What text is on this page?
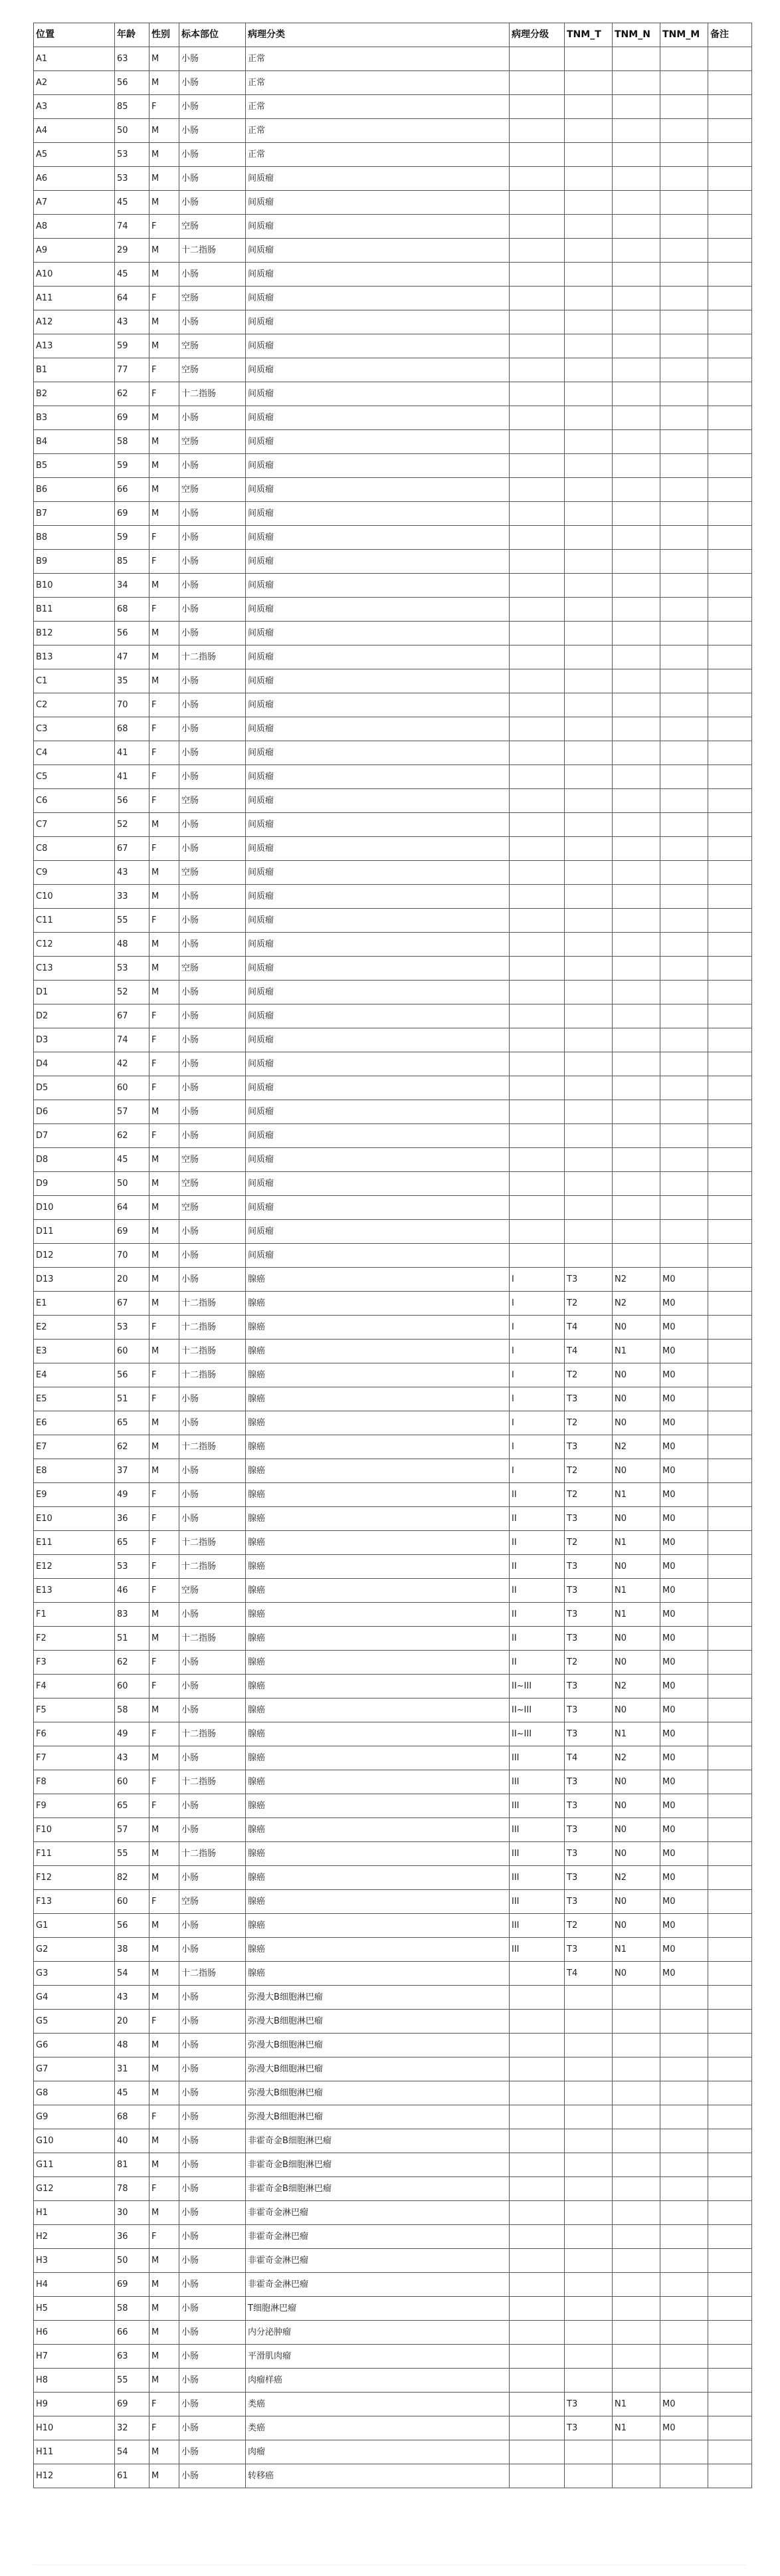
位置	年龄	性别	标本部位	病理分类	病理分级	TNM_T	TNM_N	TNM_M	备注
A1	63	M	小肠	正常					
A2	56	M	小肠	正常					
A3	85	F	小肠	正常					
A4	50	M	小肠	正常					
A5	53	M	小肠	正常					
A6	53	M	小肠	间质瘤					
A7	45	M	小肠	间质瘤					
A8	74	F	空肠	间质瘤					
A9	29	M	十二指肠	间质瘤					
A10	45	M	小肠	间质瘤					
A11	64	F	空肠	间质瘤					
A12	43	M	小肠	间质瘤					
A13	59	M	空肠	间质瘤					
B1	77	F	空肠	间质瘤					
B2	62	F	十二指肠	间质瘤					
B3	69	M	小肠	间质瘤					
B4	58	M	空肠	间质瘤					
B5	59	M	小肠	间质瘤					
B6	66	M	空肠	间质瘤					
B7	69	M	小肠	间质瘤					
B8	59	F	小肠	间质瘤					
B9	85	F	小肠	间质瘤					
B10	34	M	小肠	间质瘤					
B11	68	F	小肠	间质瘤					
B12	56	M	小肠	间质瘤					
B13	47	M	十二指肠	间质瘤					
C1	35	M	小肠	间质瘤					
C2	70	F	小肠	间质瘤					
C3	68	F	小肠	间质瘤					
C4	41	F	小肠	间质瘤					
C5	41	F	小肠	间质瘤					
C6	56	F	空肠	间质瘤					
C7	52	M	小肠	间质瘤					
C8	67	F	小肠	间质瘤					
C9	43	M	空肠	间质瘤					
C10	33	M	小肠	间质瘤					
C11	55	F	小肠	间质瘤					
C12	48	M	小肠	间质瘤					
C13	53	M	空肠	间质瘤					
D1	52	M	小肠	间质瘤					
D2	67	F	小肠	间质瘤					
D3	74	F	小肠	间质瘤					
D4	42	F	小肠	间质瘤					
D5	60	F	小肠	间质瘤					
D6	57	M	小肠	间质瘤					
D7	62	F	小肠	间质瘤					
D8	45	M	空肠	间质瘤					
D9	50	M	空肠	间质瘤					
D10	64	M	空肠	间质瘤					
D11	69	M	小肠	间质瘤					
D12	70	M	小肠	间质瘤					
D13	20	M	小肠	腺癌	I	T3	N2	M0	
E1	67	M	十二指肠	腺癌	I	T2	N2	M0	
E2	53	F	十二指肠	腺癌	I	T4	N0	M0	
E3	60	M	十二指肠	腺癌	I	T4	N1	M0	
E4	56	F	十二指肠	腺癌	I	T2	N0	M0	
E5	51	F	小肠	腺癌	I	T3	N0	M0	
E6	65	M	小肠	腺癌	I	T2	N0	M0	
E7	62	M	十二指肠	腺癌	I	T3	N2	M0	
E8	37	M	小肠	腺癌	I	T2	N0	M0	
E9	49	F	小肠	腺癌	II	T2	N1	M0	
E10	36	F	小肠	腺癌	II	T3	N0	M0	
E11	65	F	十二指肠	腺癌	II	T2	N1	M0	
E12	53	F	十二指肠	腺癌	II	T3	N0	M0	
E13	46	F	空肠	腺癌	II	T3	N1	M0	
F1	83	M	小肠	腺癌	II	T3	N1	M0	
F2	51	M	十二指肠	腺癌	II	T3	N0	M0	
F3	62	F	小肠	腺癌	II	T2	N0	M0	
F4	60	F	小肠	腺癌	II~III	T3	N2	M0	
F5	58	M	小肠	腺癌	II~III	T3	N0	M0	
F6	49	F	十二指肠	腺癌	II~III	T3	N1	M0	
F7	43	M	小肠	腺癌	III	T4	N2	M0	
F8	60	F	十二指肠	腺癌	III	T3	N0	M0	
F9	65	F	小肠	腺癌	III	T3	N0	M0	
F10	57	M	小肠	腺癌	III	T3	N0	M0	
F11	55	M	十二指肠	腺癌	III	T3	N0	M0	
F12	82	M	小肠	腺癌	III	T3	N2	M0	
F13	60	F	空肠	腺癌	III	T3	N0	M0	
G1	56	M	小肠	腺癌	III	T2	N0	M0	
G2	38	M	小肠	腺癌	III	T3	N1	M0	
G3	54	M	十二指肠	腺癌		T4	N0	M0	
G4	43	M	小肠	弥漫大B细胞淋巴瘤					
G5	20	F	小肠	弥漫大B细胞淋巴瘤					
G6	48	M	小肠	弥漫大B细胞淋巴瘤					
G7	31	M	小肠	弥漫大B细胞淋巴瘤					
G8	45	M	小肠	弥漫大B细胞淋巴瘤					
G9	68	F	小肠	弥漫大B细胞淋巴瘤					
G10	40	M	小肠	非霍奇金B细胞淋巴瘤					
G11	81	M	小肠	非霍奇金B细胞淋巴瘤					
G12	78	F	小肠	非霍奇金B细胞淋巴瘤					
H1	30	M	小肠	非霍奇金淋巴瘤					
H2	36	F	小肠	非霍奇金淋巴瘤					
H3	50	M	小肠	非霍奇金淋巴瘤					
H4	69	M	小肠	非霍奇金淋巴瘤					
H5	58	M	小肠	T细胞淋巴瘤					
H6	66	M	小肠	内分泌肿瘤					
H7	63	M	小肠	平滑肌肉瘤					
H8	55	M	小肠	肉瘤样癌					
H9	69	F	小肠	类癌		T3	N1	M0	
H10	32	F	小肠	类癌		T3	N1	M0	
H11	54	M	小肠	肉瘤					
H12	61	M	小肠	转移癌					
